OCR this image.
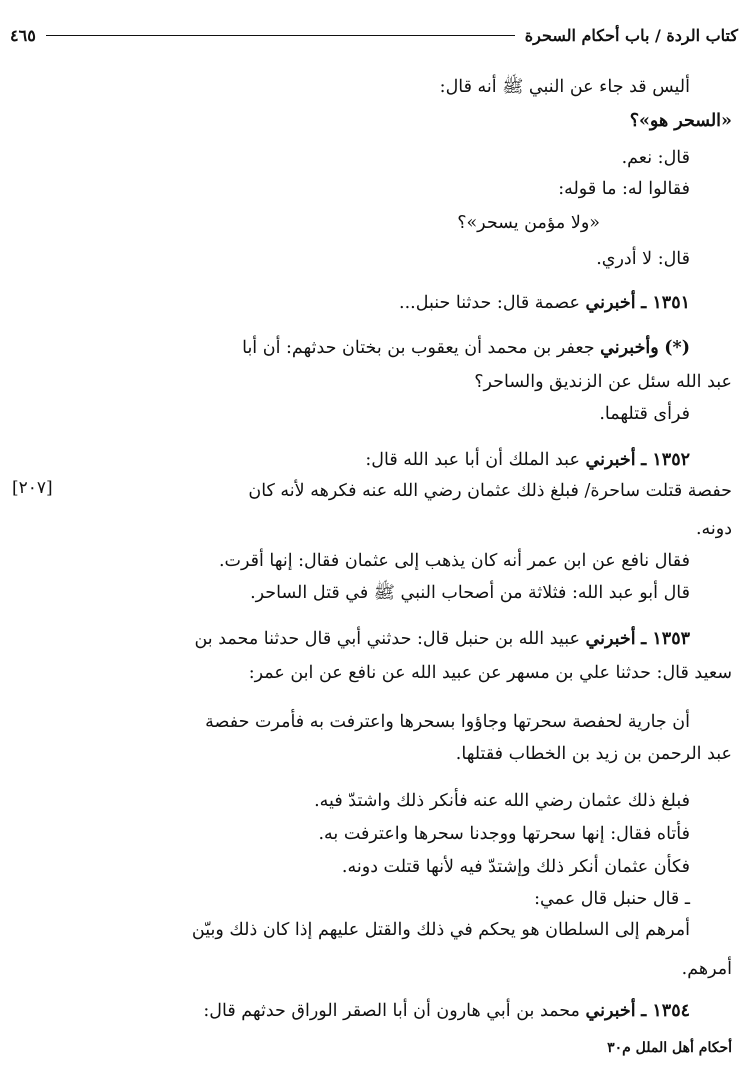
كتاب الردة / باب أحكام السحرة
٤٦٥
أليس قد جاء عن النبي ﷺ أنه قال:
«السحر هو»؟
قال: نعم.
فقالوا له: ما قوله:
«ولا مؤمن يسحر»؟
قال: لا أدري.
١٣٥١ ـ أخبرني عصمة قال: حدثنا حنبل...
(*) وأخبرني جعفر بن محمد أن يعقوب بن بختان حدثهم: أن أبا
عبد الله سئل عن الزنديق والساحر؟
فرأى قتلهما.
١٣٥٢ ـ أخبرني عبد الملك أن أبا عبد الله قال:
حفصة قتلت ساحرة/ فبلغ ذلك عثمان رضي الله عنه فكرهه لأنه كان
[٢٠٧]
دونه.
فقال نافع عن ابن عمر أنه كان يذهب إلى عثمان فقال: إنها أقرت.
قال أبو عبد الله: فثلاثة من أصحاب النبي ﷺ في قتل الساحر.
١٣٥٣ ـ أخبرني عبيد الله بن حنبل قال: حدثني أبي قال حدثنا محمد بن
سعيد قال: حدثنا علي بن مسهر عن عبيد الله عن نافع عن ابن عمر:
أن جارية لحفصة سحرتها وجاؤوا بسحرها واعترفت به فأمرت حفصة
عبد الرحمن بن زيد بن الخطاب فقتلها.
فبلغ ذلك عثمان رضي الله عنه فأنكر ذلك واشتدّ فيه.
فأتاه فقال: إنها سحرتها ووجدنا سحرها واعترفت به.
فكأن عثمان أنكر ذلك وإشتدّ فيه لأنها قتلت دونه.
ـ قال حنبل قال عمي:
أمرهم إلى السلطان هو يحكم في ذلك والقتل عليهم إذا كان ذلك وبيّن
أمرهم.
١٣٥٤ ـ أخبرني محمد بن أبي هارون أن أبا الصقر الوراق حدثهم قال:
أحكام أهل الملل م٣٠
